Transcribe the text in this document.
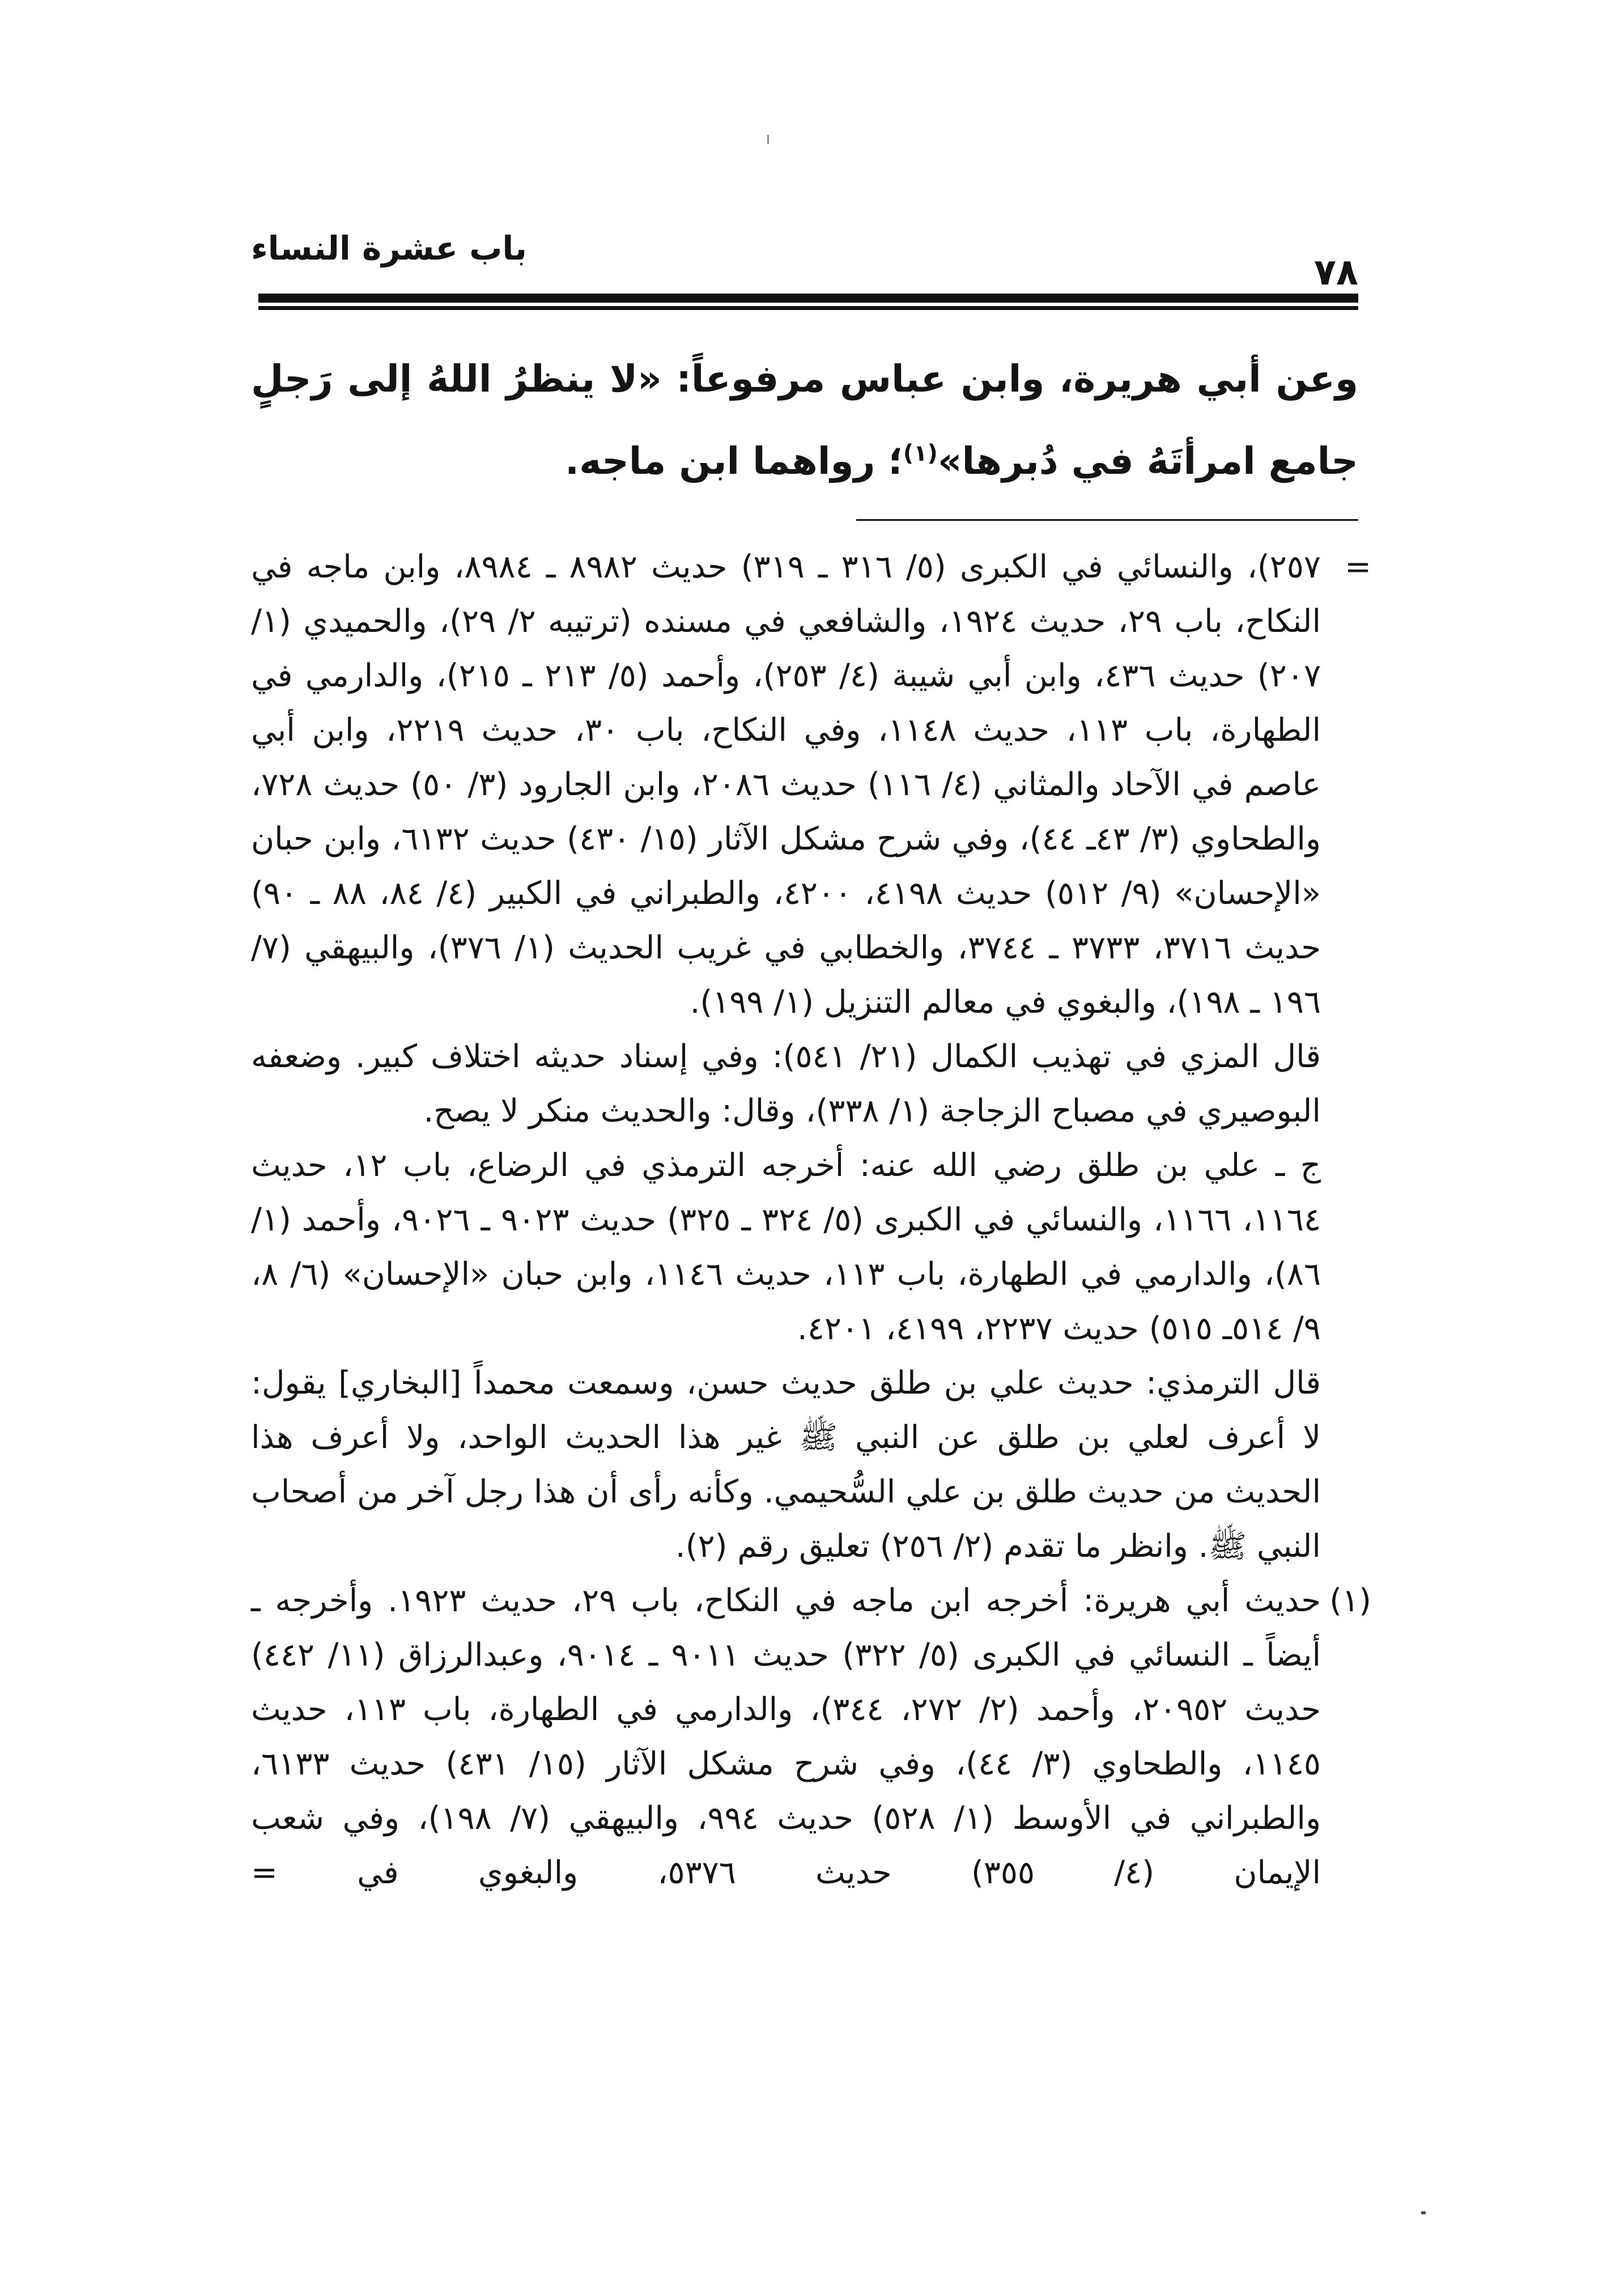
باب عشرة النساء
٧٨

وعن أبي هريرة، وابن عباس مرفوعاً: «لا ينظرُ اللهُ إلى رَجلٍ جامع امرأتَهُ في دُبرها»$^{(١)}$؛ رواهما ابن ماجه.

=
٢٥٧)، والنسائي في الكبرى (٥/ ٣١٦ ـ ٣١٩) حديث ٨٩٨٢ ـ ٨٩٨٤، وابن ماجه في النكاح، باب ٢٩، حديث ١٩٢٤، والشافعي في مسنده (ترتيبه ٢/ ٢٩)، والحميدي (١/ ٢٠٧) حديث ٤٣٦، وابن أبي شيبة (٤/ ٢٥٣)، وأحمد (٥/ ٢١٣ ـ ٢١٥)، والدارمي في الطهارة، باب ١١٣، حديث ١١٤٨، وفي النكاح، باب ٣٠، حديث ٢٢١٩، وابن أبي عاصم في الآحاد والمثاني (٤/ ١١٦) حديث ٢٠٨٦، وابن الجارود (٣/ ٥٠) حديث ٧٢٨، والطحاوي (٣/ ٤٣ـ ٤٤)، وفي شرح مشكل الآثار (١٥/ ٤٣٠) حديث ٦١٣٢، وابن حبان «الإحسان» (٩/ ٥١٢) حديث ٤١٩٨، ٤٢٠٠، والطبراني في الكبير (٤/ ٨٤، ٨٨ ـ ٩٠) حديث ٣٧١٦، ٣٧٣٣ ـ ٣٧٤٤، والخطابي في غريب الحديث (١/ ٣٧٦)، والبيهقي (٧/ ١٩٦ ـ ١٩٨)، والبغوي في معالم التنزيل (١/ ١٩٩).
قال المزي في تهذيب الكمال (٢١/ ٥٤١): وفي إسناد حديثه اختلاف كبير. وضعفه البوصيري في مصباح الزجاجة (١/ ٣٣٨)، وقال: والحديث منكر لا يصح.
ج ـ علي بن طلق رضي الله عنه: أخرجه الترمذي في الرضاع، باب ١٢، حديث ١١٦٤، ١١٦٦، والنسائي في الكبرى (٥/ ٣٢٤ ـ ٣٢٥) حديث ٩٠٢٣ ـ ٩٠٢٦، وأحمد (١/ ٨٦)، والدارمي في الطهارة، باب ١١٣، حديث ١١٤٦، وابن حبان «الإحسان» (٦/ ٨، ٩/ ٥١٤ـ ٥١٥) حديث ٢٢٣٧، ٤١٩٩، ٤٢٠١.
قال الترمذي: حديث علي بن طلق حديث حسن، وسمعت محمداً [البخاري] يقول: لا أعرف لعلي بن طلق عن النبي ﷺ غير هذا الحديث الواحد، ولا أعرف هذا الحديث من حديث طلق بن علي السُّحيمي. وكأنه رأى أن هذا رجل آخر من أصحاب النبي ﷺ. وانظر ما تقدم (٢/ ٢٥٦) تعليق رقم (٢).
(١)
حديث أبي هريرة: أخرجه ابن ماجه في النكاح، باب ٢٩، حديث ١٩٢٣. وأخرجه ـ أيضاً ـ النسائي في الكبرى (٥/ ٣٢٢) حديث ٩٠١١ ـ ٩٠١٤، وعبدالرزاق (١١/ ٤٤٢) حديث ٢٠٩٥٢، وأحمد (٢/ ٢٧٢، ٣٤٤)، والدارمي في الطهارة، باب ١١٣، حديث ١١٤٥، والطحاوي (٣/ ٤٤)، وفي شرح مشكل الآثار (١٥/ ٤٣١) حديث ٦١٣٣، والطبراني في الأوسط (١/ ٥٢٨) حديث ٩٩٤، والبيهقي (٧/ ١٩٨)، وفي شعب الإيمان (٤/ ٣٥٥) حديث ٥٣٧٦، والبغوي في =
